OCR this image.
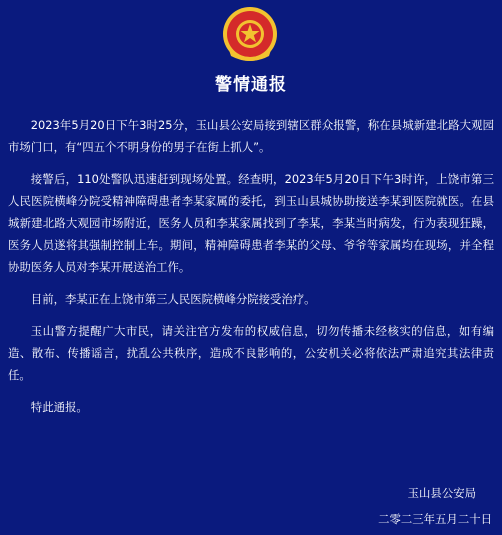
警情通报

2023年5月20日下午3时25分，玉山县公安局接到辖区群众报警，称在县城新建北路大观园市场门口，有“四五个不明身份的男子在街上抓人”。

接警后，110处警队迅速赶到现场处置。经查明，2023年5月20日下午3时许，上饶市第三人民医院横峰分院受精神障碍患者李某家属的委托，到玉山县城协助接送李某到医院就医。在县城新建北路大观园市场附近，医务人员和李某家属找到了李某，李某当时病发，行为表现狂躁，医务人员遂将其强制控制上车。期间，精神障碍患者李某的父母、爷爷等家属均在现场，并全程协助医务人员对李某开展送治工作。

目前，李某正在上饶市第三人民医院横峰分院接受治疗。

玉山警方提醒广大市民，请关注官方发布的权威信息，切勿传播未经核实的信息，如有编造、散布、传播谣言，扰乱公共秩序，造成不良影响的，公安机关必将依法严肃追究其法律责任。

特此通报。

玉山县公安局
二零二三年五月二十日
